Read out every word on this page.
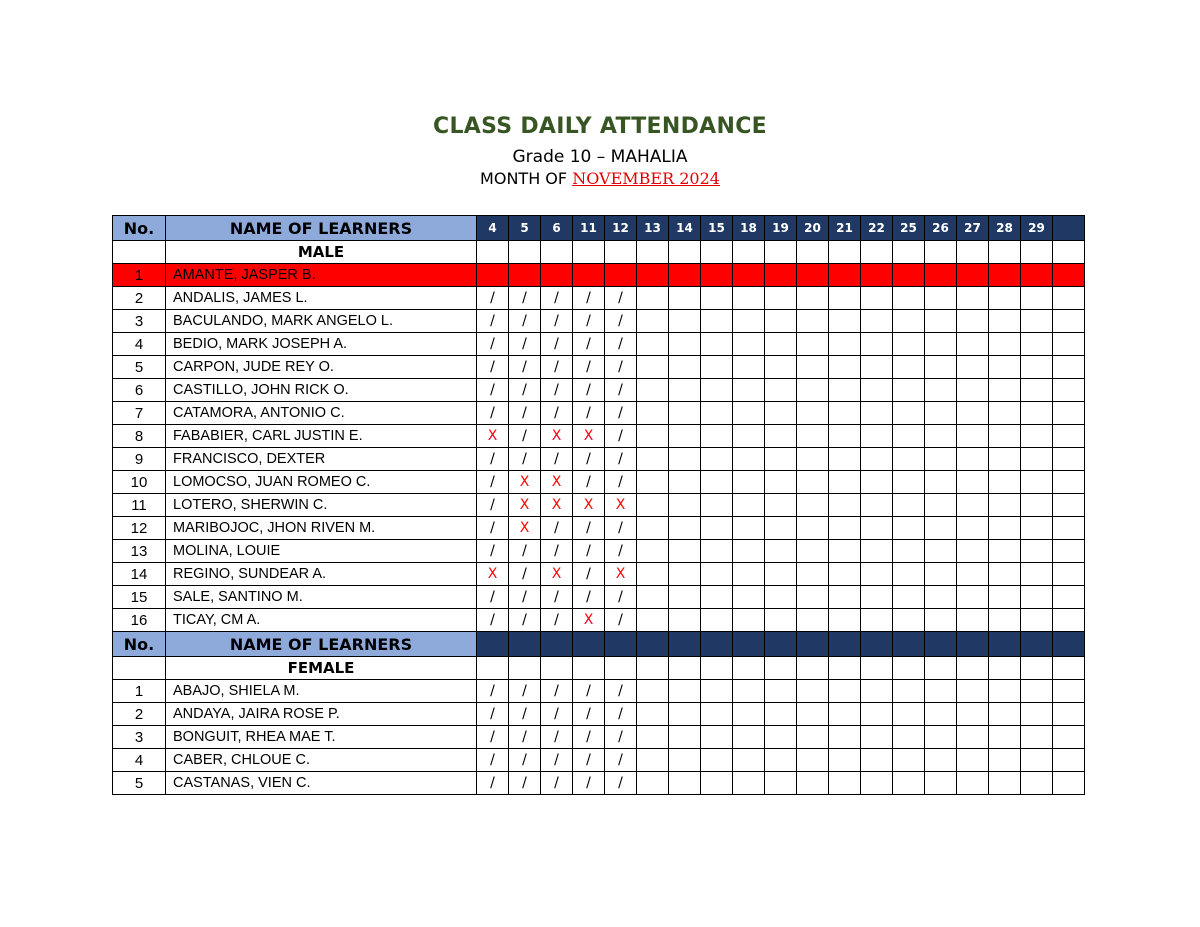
CLASS DAILY ATTENDANCE
Grade 10 – MAHALIA
MONTH OF NOVEMBER 2024
No.	NAME OF LEARNERS	4	5	6	11	12	13	14	15	18	19	20	21	22	25	26	27	28	29	
	MALE																			
1	AMANTE, JASPER B.	X																		
2	ANDALIS, JAMES L.	/	/	/	/	/														
3	BACULANDO, MARK ANGELO L.	/	/	/	/	/														
4	BEDIO, MARK JOSEPH A.	/	/	/	/	/														
5	CARPON, JUDE REY O.	/	/	/	/	/														
6	CASTILLO, JOHN RICK O.	/	/	/	/	/														
7	CATAMORA, ANTONIO C.	/	/	/	/	/														
8	FABABIER, CARL JUSTIN E.	X	/	X	X	/														
9	FRANCISCO, DEXTER	/	/	/	/	/														
10	LOMOCSO, JUAN ROMEO C.	/	X	X	/	/														
11	LOTERO, SHERWIN C.	/	X	X	X	X														
12	MARIBOJOC, JHON RIVEN M.	/	X	/	/	/														
13	MOLINA, LOUIE	/	/	/	/	/														
14	REGINO, SUNDEAR A.	X	/	X	/	X														
15	SALE, SANTINO M.	/	/	/	/	/														
16	TICAY, CM A.	/	/	/	X	/														
No.	NAME OF LEARNERS																			
	FEMALE																			
1	ABAJO, SHIELA M.	/	/	/	/	/														
2	ANDAYA, JAIRA ROSE P.	/	/	/	/	/														
3	BONGUIT, RHEA MAE T.	/	/	/	/	/														
4	CABER, CHLOUE C.	/	/	/	/	/														
5	CASTANAS, VIEN C.	/	/	/	/	/														
